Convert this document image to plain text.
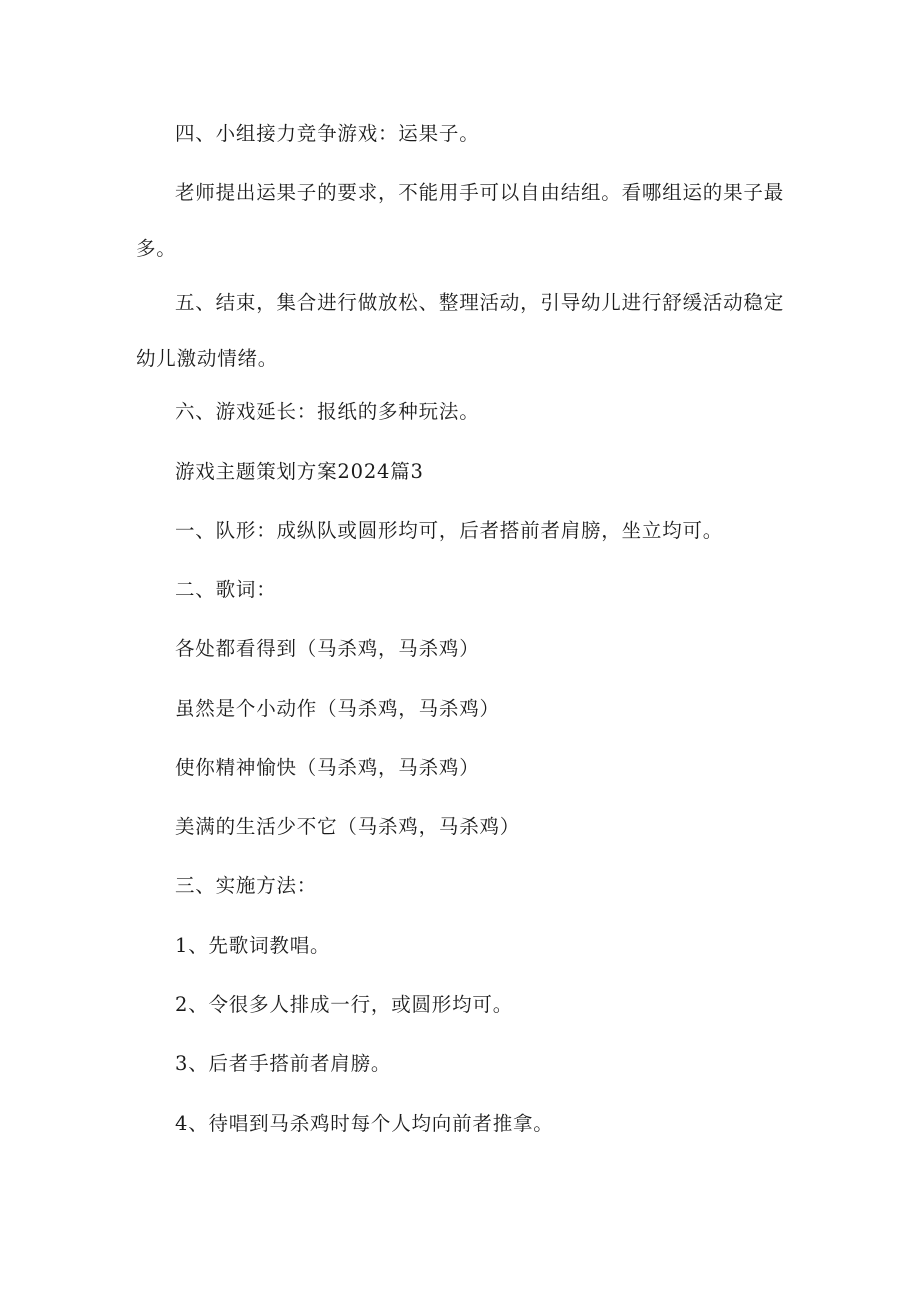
四、小组接力竞争游戏：运果子。

老师提出运果子的要求，不能用手可以自由结组。看哪组运的果子最多。

五、结束，集合进行做放松、整理活动，引导幼儿进行舒缓活动稳定幼儿激动情绪。

六、游戏延长：报纸的多种玩法。

游戏主题策划方案2024篇3

一、队形：成纵队或圆形均可，后者搭前者肩膀，坐立均可。

二、歌词：

各处都看得到（马杀鸡，马杀鸡）

虽然是个小动作（马杀鸡，马杀鸡）

使你精神愉快（马杀鸡，马杀鸡）

美满的生活少不它（马杀鸡，马杀鸡）

三、实施方法：

1、先歌词教唱。

2、令很多人排成一行，或圆形均可。

3、后者手搭前者肩膀。

4、待唱到马杀鸡时每个人均向前者推拿。
